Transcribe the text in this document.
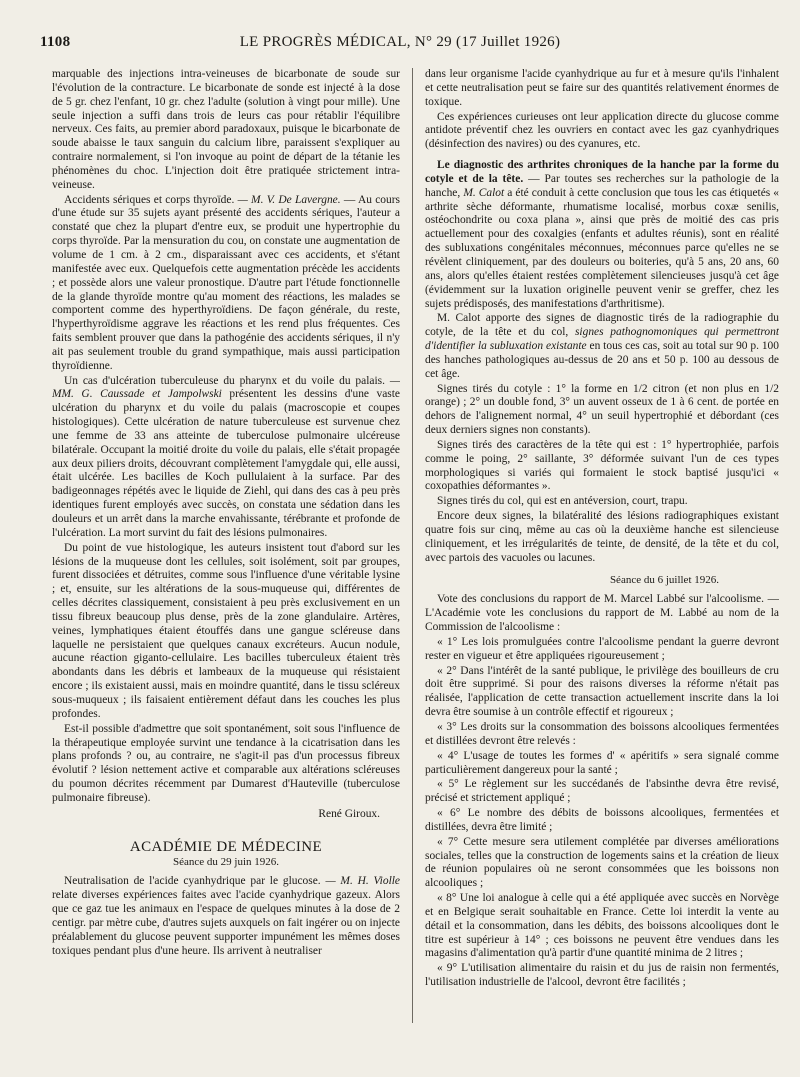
1108	LE PROGRÈS MÉDICAL, N° 29 (17 Juillet 1926)

marquable des injections intra-veineuses de bicarbonate de soude sur l'évolution de la contracture. Le bicarbonate de sonde est injecté à la dose de 5 gr. chez l'enfant, 10 gr. chez l'adulte (solution à vingt pour mille). Une seule injection a suffi dans trois de leurs cas pour rétablir l'équilibre nerveux. Ces faits, au premier abord paradoxaux, puisque le bicarbonate de soude abaisse le taux sanguin du calcium libre, paraissent s'expliquer au contraire normalement, si l'on invoque au point de départ de la tétanie les phénomènes du choc. L'injection doit être pratiquée strictement intra-veineuse.

Accidents sériques et corps thyroïde. — M. V. De Lavergne. — Au cours d'une étude sur 35 sujets ayant présenté des accidents sériques, l'auteur a constaté que chez la plupart d'entre eux, se produit une hypertrophie du corps thyroïde. Par la mensuration du cou, on constate une augmentation de volume de 1 cm. à 2 cm., disparaissant avec ces accidents, et s'étant manifestée avec eux. Quelquefois cette augmentation précède les accidents ; et possède alors une valeur pronostique. D'autre part l'étude fonctionnelle de la glande thyroïde montre qu'au moment des réactions, les malades se comportent comme des hyperthyroïdiens. De façon générale, du reste, l'hyperthyroïdisme aggrave les réactions et les rend plus fréquentes. Ces faits semblent prouver que dans la pathogénie des accidents sériques, il n'y ait pas seulement trouble du grand sympathique, mais aussi participation thyroïdienne.

Un cas d'ulcération tuberculeuse du pharynx et du voile du palais. — MM. G. Caussade et Jampolwski présentent les dessins d'une vaste ulcération du pharynx et du voile du palais (macroscopie et coupes histologiques). Cette ulcération de nature tuberculeuse est survenue chez une femme de 33 ans atteinte de tuberculose pulmonaire ulcéreuse bilatérale. Occupant la moitié droite du voile du palais, elle s'était propagée aux deux piliers droits, découvrant complètement l'amygdale qui, elle aussi, était ulcérée. Les bacilles de Koch pullulaient à la surface. Par des badigeonnages répétés avec le liquide de Ziehl, qui dans des cas à peu près identiques furent employés avec succès, on constata une sédation dans les douleurs et un arrêt dans la marche envahissante, térébrante et profonde de l'ulcération. La mort survint du fait des lésions pulmonaires.

Du point de vue histologique, les auteurs insistent tout d'abord sur les lésions de la muqueuse dont les cellules, soit isolément, soit par groupes, furent dissociées et détruites, comme sous l'influence d'une véritable lysine ; et, ensuite, sur les altérations de la sous-muqueuse qui, différentes de celles décrites classiquement, consistaient à peu près exclusivement en un tissu fibreux beaucoup plus dense, près de la zone glandulaire. Artères, veines, lymphatiques étaient étouffés dans une gangue scléreuse dans laquelle ne persistaient que quelques canaux excréteurs. Aucun nodule, aucune réaction giganto-cellulaire. Les bacilles tuberculeux étaient très abondants dans les débris et lambeaux de la muqueuse qui résistaient encore ; ils existaient aussi, mais en moindre quantité, dans le tissu scléreux sous-muqueux ; ils faisaient entièrement défaut dans les couches les plus profondes.

Est-il possible d'admettre que soit spontanément, soit sous l'influence de la thérapeutique employée survint une tendance à la cicatrisation dans les plans profonds ? ou, au contraire, ne s'agit-il pas d'un processus fibreux évolutif ? lésion nettement active et comparable aux altérations scléreuses du poumon décrites récemment par Dumarest d'Hauteville (tuberculose pulmonaire fibreuse).

René Giroux.

ACADÉMIE DE MÉDECINE
Séance du 29 juin 1926.

Neutralisation de l'acide cyanhydrique par le glucose. — M. H. Violle relate diverses expériences faites avec l'acide cyanhydrique gazeux. Alors que ce gaz tue les animaux en l'espace de quelques minutes à la dose de 2 centigr. par mètre cube, d'autres sujets auxquels on fait ingérer ou on injecte préalablement du glucose peuvent supporter impunément les mêmes doses toxiques pendant plus d'une heure. Ils arrivent à neutraliser

dans leur organisme l'acide cyanhydrique au fur et à mesure qu'ils l'inhalent et cette neutralisation peut se faire sur des quantités relativement énormes de toxique.

Ces expériences curieuses ont leur application directe du glucose comme antidote préventif chez les ouvriers en contact avec les gaz cyanhydriques (désinfection des navires) ou des cyanures, etc.

Le diagnostic des arthrites chroniques de la hanche par la forme du cotyle et de la tête. — Par toutes ses recherches sur la pathologie de la hanche, M. Calot a été conduit à cette conclusion que tous les cas étiquetés « arthrite sèche déformante, rhumatisme localisé, morbus coxæ senilis, ostéochondrite ou coxa plana », ainsi que près de moitié des cas pris actuellement pour des coxalgies (enfants et adultes réunis), sont en réalité des subluxations congénitales méconnues, méconnues parce qu'elles ne se révèlent cliniquement, par des douleurs ou boiteries, qu'à 5 ans, 20 ans, 60 ans, alors qu'elles étaient restées complètement silencieuses jusqu'à cet âge (évidemment sur la luxation originelle peuvent venir se greffer, chez les sujets prédisposés, des manifestations d'arthritisme).

M. Calot apporte des signes de diagnostic tirés de la radiographie du cotyle, de la tête et du col, signes pathognomoniques qui permettront d'identifier la subluxation existante en tous ces cas, soit au total sur 90 p. 100 des hanches pathologiques au-dessus de 20 ans et 50 p. 100 au dessous de cet âge.

Signes tirés du cotyle : 1° la forme en 1/2 citron (et non plus en 1/2 orange) ; 2° un double fond, 3° un auvent osseux de 1 à 6 cent. de portée en dehors de l'alignement normal, 4° un seuil hypertrophié et débordant (ces deux derniers signes non constants).

Signes tirés des caractères de la tête qui est : 1° hypertrophiée, parfois comme le poing, 2° saillante, 3° déformée suivant l'un de ces types morphologiques si variés qui formaient le stock baptisé jusqu'ici « coxopathies déformantes ».

Signes tirés du col, qui est en antéversion, court, trapu.

Encore deux signes, la bilatéralité des lésions radiographiques existant quatre fois sur cinq, même au cas où la deuxième hanche est silencieuse cliniquement, et les irrégularités de teinte, de densité, de la tête et du col, avec partois des vacuoles ou lacunes.

Séance du 6 juillet 1926.

Vote des conclusions du rapport de M. Marcel Labbé sur l'alcoolisme. — L'Académie vote les conclusions du rapport de M. Labbé au nom de la Commission de l'alcoolisme :

« 1° Les lois promulguées contre l'alcoolisme pendant la guerre devront rester en vigueur et être appliquées rigoureusement ;

« 2° Dans l'intérêt de la santé publique, le privilège des bouilleurs de cru doit être supprimé. Si pour des raisons diverses la réforme n'était pas réalisée, l'application de cette transaction actuellement inscrite dans la loi devra être soumise à un contrôle effectif et rigoureux ;

« 3° Les droits sur la consommation des boissons alcooliques fermentées et distillées devront être relevés :

« 4° L'usage de toutes les formes d' « apéritifs » sera signalé comme particulièrement dangereux pour la santé ;

« 5° Le règlement sur les succédanés de l'absinthe devra être revisé, précisé et strictement appliqué ;

« 6° Le nombre des débits de boissons alcooliques, fermentées et distillées, devra être limité ;

« 7° Cette mesure sera utilement complétée par diverses améliorations sociales, telles que la construction de logements sains et la création de lieux de réunion populaires où ne seront consommées que les boissons non alcooliques ;

« 8° Une loi analogue à celle qui a été appliquée avec succès en Norvège et en Belgique serait souhaitable en France. Cette loi interdit la vente au détail et la consommation, dans les débits, des boissons alcooliques dont le titre est supérieur à 14° ; ces boissons ne peuvent être vendues dans les magasins d'alimentation qu'à partir d'une quantité minima de 2 litres ;

« 9° L'utilisation alimentaire du raisin et du jus de raisin non fermentés, l'utilisation industrielle de l'alcool, devront être facilités ;
